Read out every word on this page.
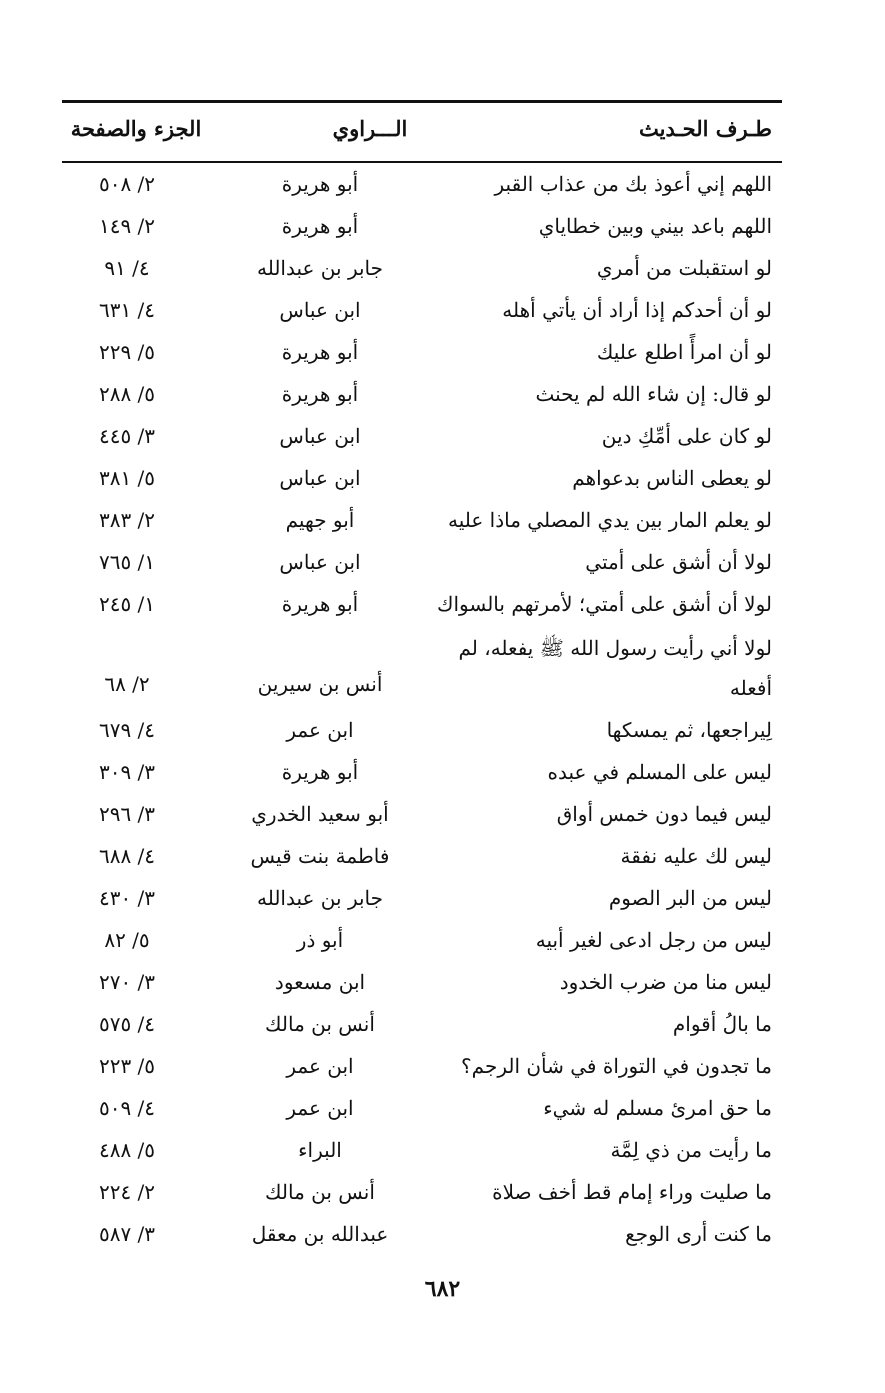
طـرف الحـديث
الـــراوي
الجزء والصفحة
اللهم إني أعوذ بك من عذاب القبر
أبو هريرة
٢/ ٥٠٨
اللهم باعد بيني وبين خطاياي
أبو هريرة
٢/ ١٤٩
لو استقبلت من أمري
جابر بن عبدالله
٤/ ٩١
لو أن أحدكم إذا أراد أن يأتي أهله
ابن عباس
٤/ ٦٣١
لو أن امرأً اطلع عليك
أبو هريرة
٥/ ٢٢٩
لو قال: إن شاء الله لم يحنث
أبو هريرة
٥/ ٢٨٨
لو كان على أمِّكِ دين
ابن عباس
٣/ ٤٤٥
لو يعطى الناس بدعواهم
ابن عباس
٥/ ٣٨١
لو يعلم المار بين يدي المصلي ماذا عليه
أبو جهيم
٢/ ٣٨٣
لولا أن أشق على أمتي
ابن عباس
١/ ٧٦٥
لولا أن أشق على أمتي؛ لأمرتهم بالسواك
أبو هريرة
١/ ٢٤٥
لولا أني رأيت رسول الله ﷺ يفعله، لم أفعله
أنس بن سيرين
٢/ ٦٨
لِيراجعها، ثم يمسكها
ابن عمر
٤/ ٦٧٩
ليس على المسلم في عبده
أبو هريرة
٣/ ٣٠٩
ليس فيما دون خمس أواق
أبو سعيد الخدري
٣/ ٢٩٦
ليس لك عليه نفقة
فاطمة بنت قيس
٤/ ٦٨٨
ليس من البر الصوم
جابر بن عبدالله
٣/ ٤٣٠
ليس من رجل ادعى لغير أبيه
أبو ذر
٥/ ٨٢
ليس منا من ضرب الخدود
ابن مسعود
٣/ ٢٧٠
ما بالُ أقوام
أنس بن مالك
٤/ ٥٧٥
ما تجدون في التوراة في شأن الرجم؟
ابن عمر
٥/ ٢٢٣
ما حق امرئ مسلم له شيء
ابن عمر
٤/ ٥٠٩
ما رأيت من ذي لِمَّة
البراء
٥/ ٤٨٨
ما صليت وراء إمام قط أخف صلاة
أنس بن مالك
٢/ ٢٢٤
ما كنت أرى الوجع
عبدالله بن معقل
٣/ ٥٨٧
٦٨٢
